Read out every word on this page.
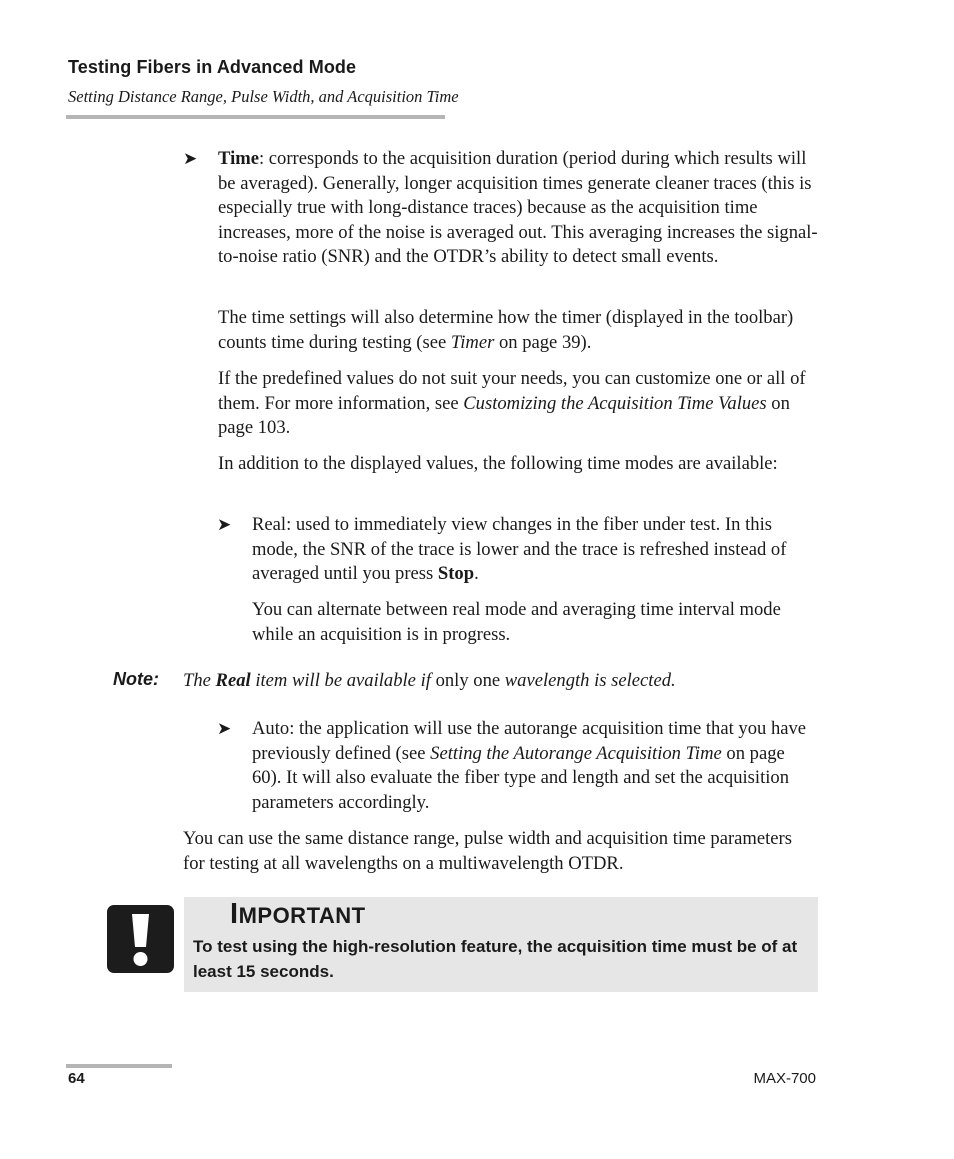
Testing Fibers in Advanced Mode
Setting Distance Range, Pulse Width, and Acquisition Time
➤ Time: corresponds to the acquisition duration (period during which results will be averaged). Generally, longer acquisition times generate cleaner traces (this is especially true with long-distance traces) because as the acquisition time increases, more of the noise is averaged out. This averaging increases the signal-to-noise ratio (SNR) and the OTDR’s ability to detect small events.
The time settings will also determine how the timer (displayed in the toolbar) counts time during testing (see Timer on page 39).
If the predefined values do not suit your needs, you can customize one or all of them. For more information, see Customizing the Acquisition Time Values on page 103.
In addition to the displayed values, the following time modes are available:
➤ Real: used to immediately view changes in the fiber under test. In this mode, the SNR of the trace is lower and the trace is refreshed instead of averaged until you press Stop.
You can alternate between real mode and averaging time interval mode while an acquisition is in progress.
Note: The Real item will be available if only one wavelength is selected.
➤ Auto: the application will use the autorange acquisition time that you have previously defined (see Setting the Autorange Acquisition Time on page 60). It will also evaluate the fiber type and length and set the acquisition parameters accordingly.
You can use the same distance range, pulse width and acquisition time parameters for testing at all wavelengths on a multiwavelength OTDR.
IMPORTANT
To test using the high-resolution feature, the acquisition time must be of at least 15 seconds.
64	MAX-700
